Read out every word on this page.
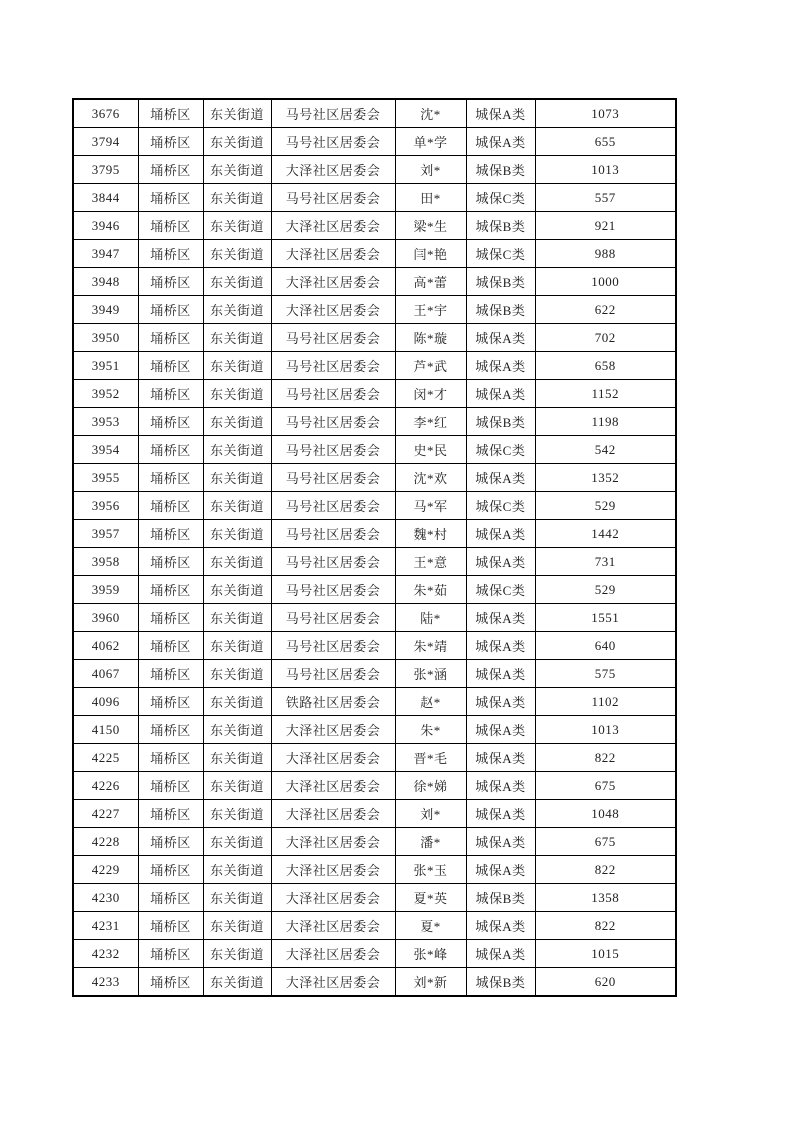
3676	埇桥区	东关街道	马号社区居委会	沈*	城保A类	1073
3794	埇桥区	东关街道	马号社区居委会	单*学	城保A类	655
3795	埇桥区	东关街道	大泽社区居委会	刘*	城保B类	1013
3844	埇桥区	东关街道	马号社区居委会	田*	城保C类	557
3946	埇桥区	东关街道	大泽社区居委会	梁*生	城保B类	921
3947	埇桥区	东关街道	大泽社区居委会	闫*艳	城保C类	988
3948	埇桥区	东关街道	大泽社区居委会	高*蕾	城保B类	1000
3949	埇桥区	东关街道	大泽社区居委会	王*宇	城保B类	622
3950	埇桥区	东关街道	马号社区居委会	陈*璇	城保A类	702
3951	埇桥区	东关街道	马号社区居委会	芦*武	城保A类	658
3952	埇桥区	东关街道	马号社区居委会	闵*才	城保A类	1152
3953	埇桥区	东关街道	马号社区居委会	李*红	城保B类	1198
3954	埇桥区	东关街道	马号社区居委会	史*民	城保C类	542
3955	埇桥区	东关街道	马号社区居委会	沈*欢	城保A类	1352
3956	埇桥区	东关街道	马号社区居委会	马*军	城保C类	529
3957	埇桥区	东关街道	马号社区居委会	魏*村	城保A类	1442
3958	埇桥区	东关街道	马号社区居委会	王*意	城保A类	731
3959	埇桥区	东关街道	马号社区居委会	朱*茹	城保C类	529
3960	埇桥区	东关街道	马号社区居委会	陆*	城保A类	1551
4062	埇桥区	东关街道	马号社区居委会	朱*靖	城保A类	640
4067	埇桥区	东关街道	马号社区居委会	张*涵	城保A类	575
4096	埇桥区	东关街道	铁路社区居委会	赵*	城保A类	1102
4150	埇桥区	东关街道	大泽社区居委会	朱*	城保A类	1013
4225	埇桥区	东关街道	大泽社区居委会	晋*毛	城保A类	822
4226	埇桥区	东关街道	大泽社区居委会	徐*娣	城保A类	675
4227	埇桥区	东关街道	大泽社区居委会	刘*	城保A类	1048
4228	埇桥区	东关街道	大泽社区居委会	潘*	城保A类	675
4229	埇桥区	东关街道	大泽社区居委会	张*玉	城保A类	822
4230	埇桥区	东关街道	大泽社区居委会	夏*英	城保B类	1358
4231	埇桥区	东关街道	大泽社区居委会	夏*	城保A类	822
4232	埇桥区	东关街道	大泽社区居委会	张*峰	城保A类	1015
4233	埇桥区	东关街道	大泽社区居委会	刘*新	城保B类	620
